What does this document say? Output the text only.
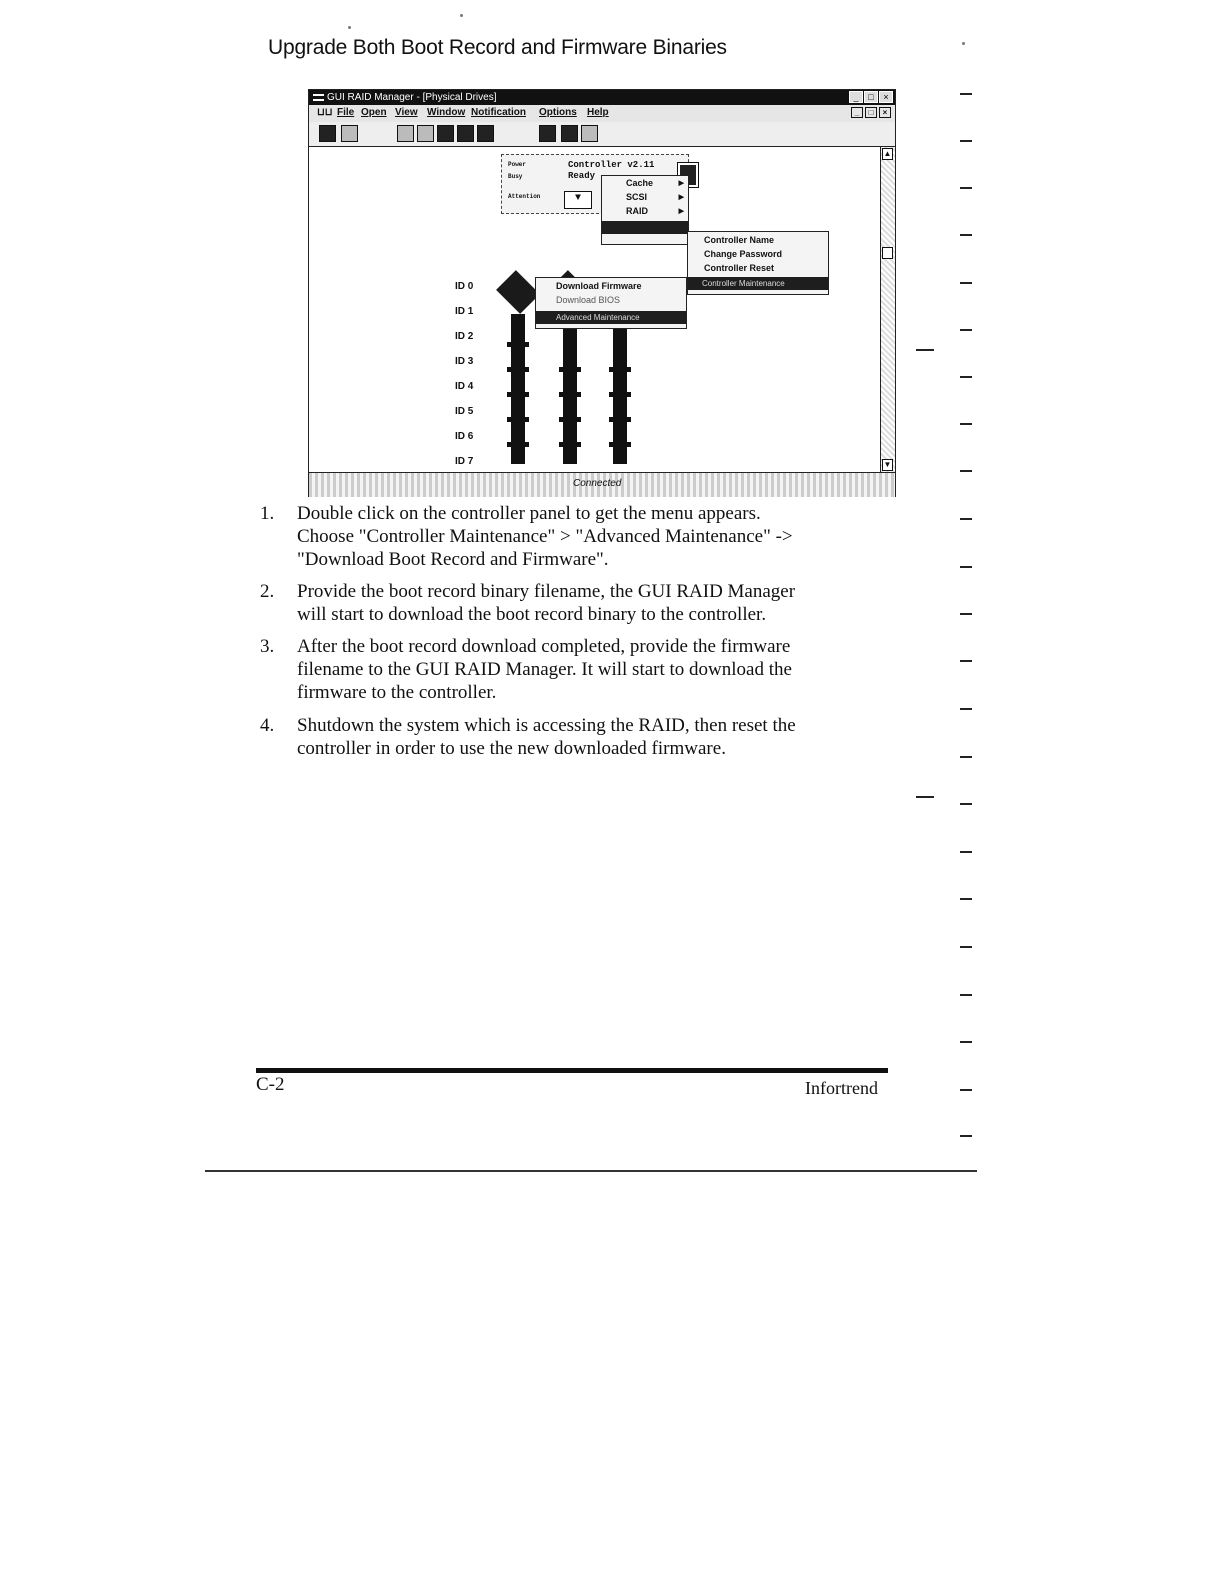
Upgrade Both Boot Record and Firmware Binaries
GUI RAID Manager - [Physical Drives]	_	□	×
⊔⊔ File Open View Window Notification Options Help	_	□	×
ID 0
ID 1
ID 2
ID 3
ID 4
ID 5
ID 6
ID 7
Power
Busy
Attention
Controller v2.11
Ready
▼
Cache	▶
SCSI	▶
RAID	▶
Controller Name
Change Password
Controller Reset
Controller Maintenance
Download Firmware
Download BIOS
Advanced Maintenance
▲
▼
Connected
1.	Double click on the controller panel to get the menu appears.
Choose "Controller Maintenance" > "Advanced Maintenance" ->
"Download Boot Record and Firmware".
2.	Provide the boot record binary filename, the GUI RAID Manager
will start to download the boot record binary to the controller.
3.	After the boot record download completed, provide the firmware
filename to the GUI RAID Manager. It will start to download the
firmware to the controller.
4.	Shutdown the system which is accessing the RAID, then reset the
controller in order to use the new downloaded firmware.
C-2	Infortrend
